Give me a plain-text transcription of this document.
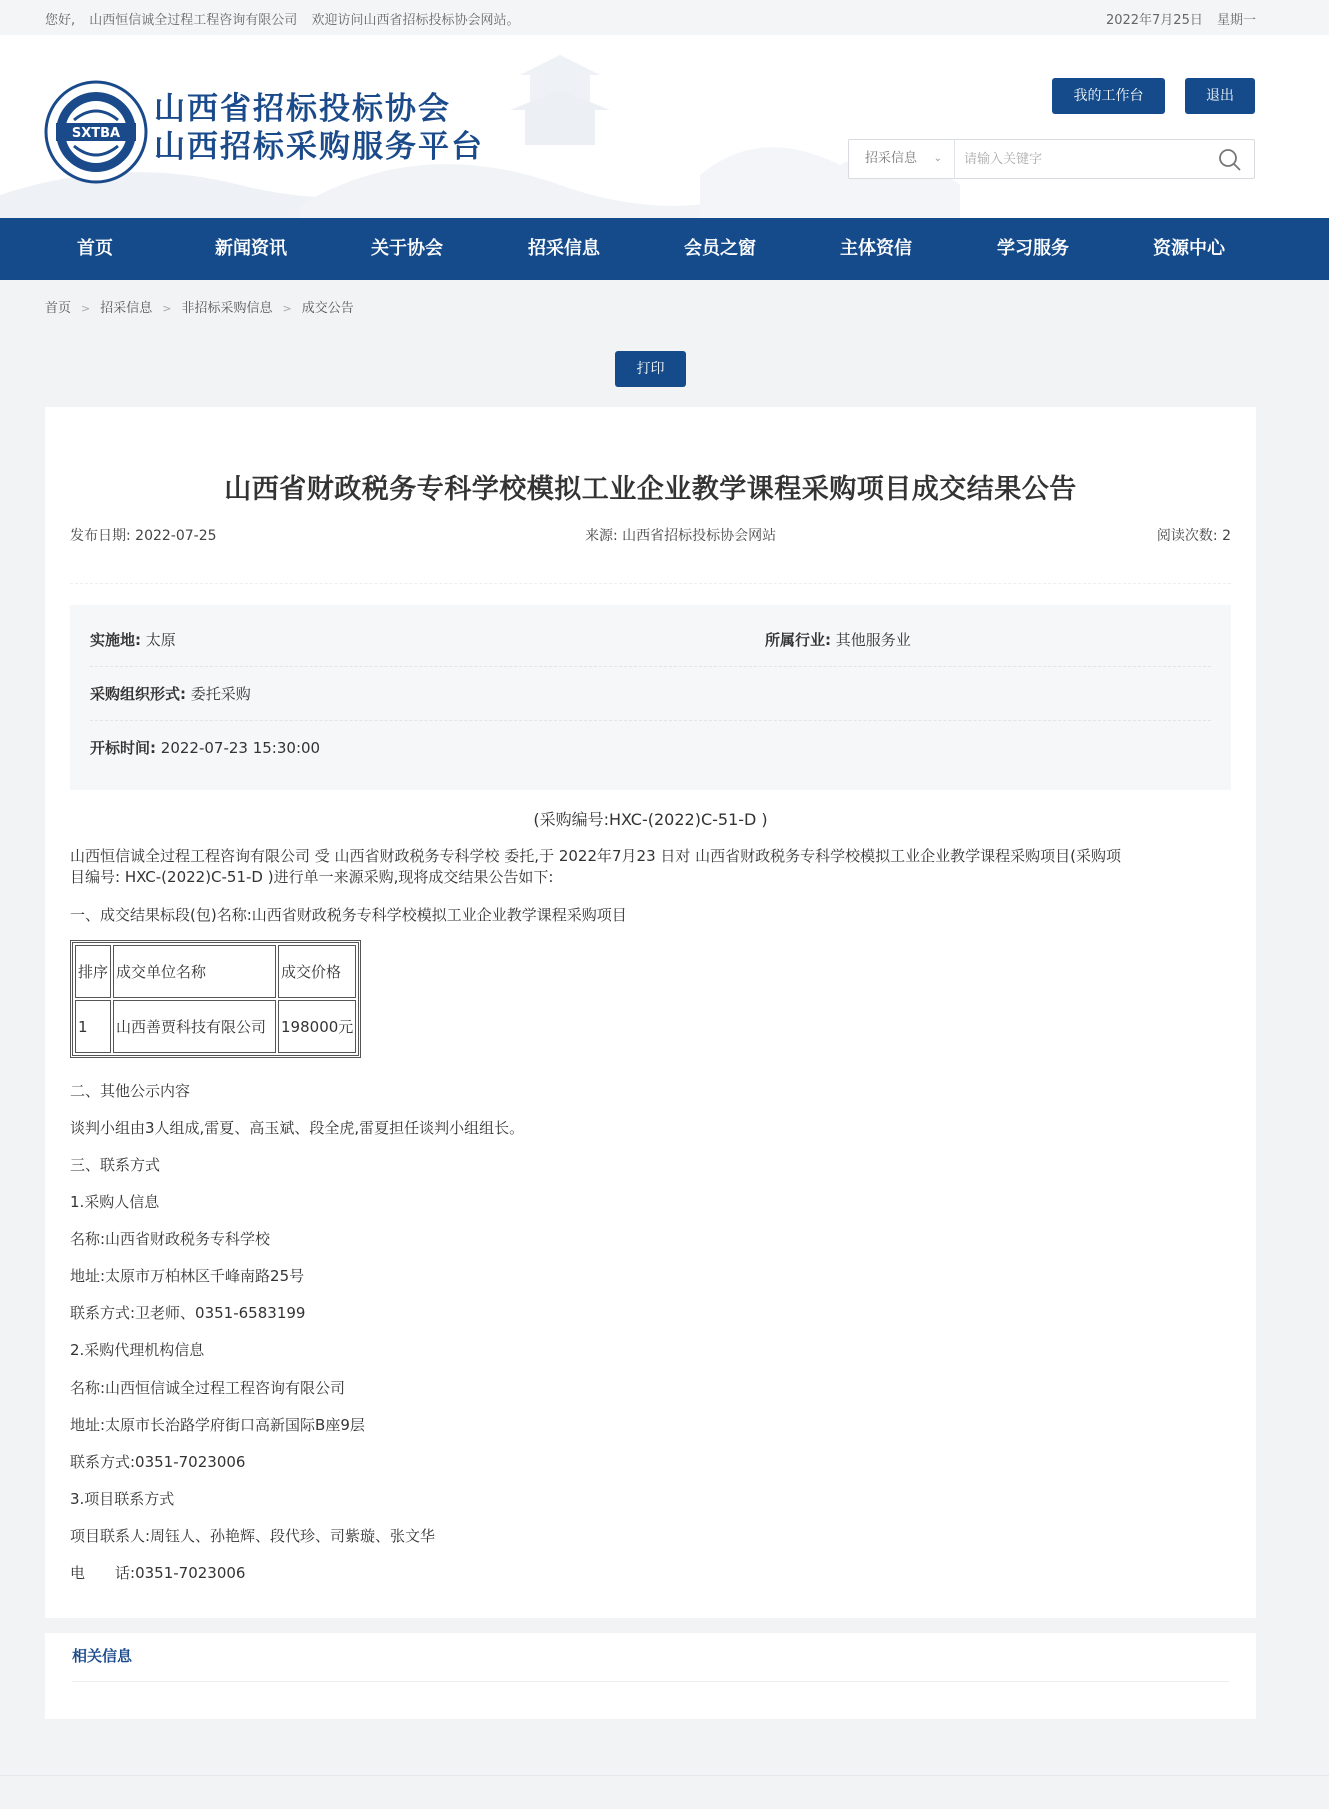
您好, 山西恒信诚全过程工程咨询有限公司 欢迎访问山西省招标投标协会网站。	2022年7月25日 星期一
SXTBA
山西省招标投标协会
山西招标采购服务平台
我的工作台	退出
招采信息 ⌄
请输入关键字
首页	新闻资讯	关于协会	招采信息	会员之窗	主体资信	学习服务	资源中心
首页 > 招采信息 > 非招标采购信息 > 成交公告
打印
山西省财政税务专科学校模拟工业企业教学课程采购项目成交结果公告
发布日期: 2022-07-25	来源: 山西省招标投标协会网站	阅读次数: 2
实施地: 太原	所属行业: 其他服务业
采购组织形式: 委托采购
开标时间: 2022-07-23 15:30:00
(采购编号:HXC-(2022)C-51-D )
山西恒信诚全过程工程咨询有限公司 受 山西省财政税务专科学校 委托,于 2022年7月23 日对 山西省财政税务专科学校模拟工业企业教学课程采购项目(采购项
目编号: HXC-(2022)C-51-D )进行单一来源采购,现将成交结果公告如下:
一、成交结果标段(包)名称:山西省财政税务专科学校模拟工业企业教学课程采购项目
二、其他公示内容
谈判小组由3人组成,雷夏、高玉斌、段全虎,雷夏担任谈判小组组长。
三、联系方式
1.采购人信息
名称:山西省财政税务专科学校
地址:太原市万柏林区千峰南路25号
联系方式:卫老师、0351-6583199
2.采购代理机构信息
名称:山西恒信诚全过程工程咨询有限公司
地址:太原市长治路学府街口高新国际B座9层
联系方式:0351-7023006
3.项目联系方式
项目联系人:周钰人、孙艳辉、段代珍、司紫璇、张文华
电　　话:0351-7023006
排序	成交单位名称	成交价格
1	山西善贾科技有限公司	198000元
相关信息
